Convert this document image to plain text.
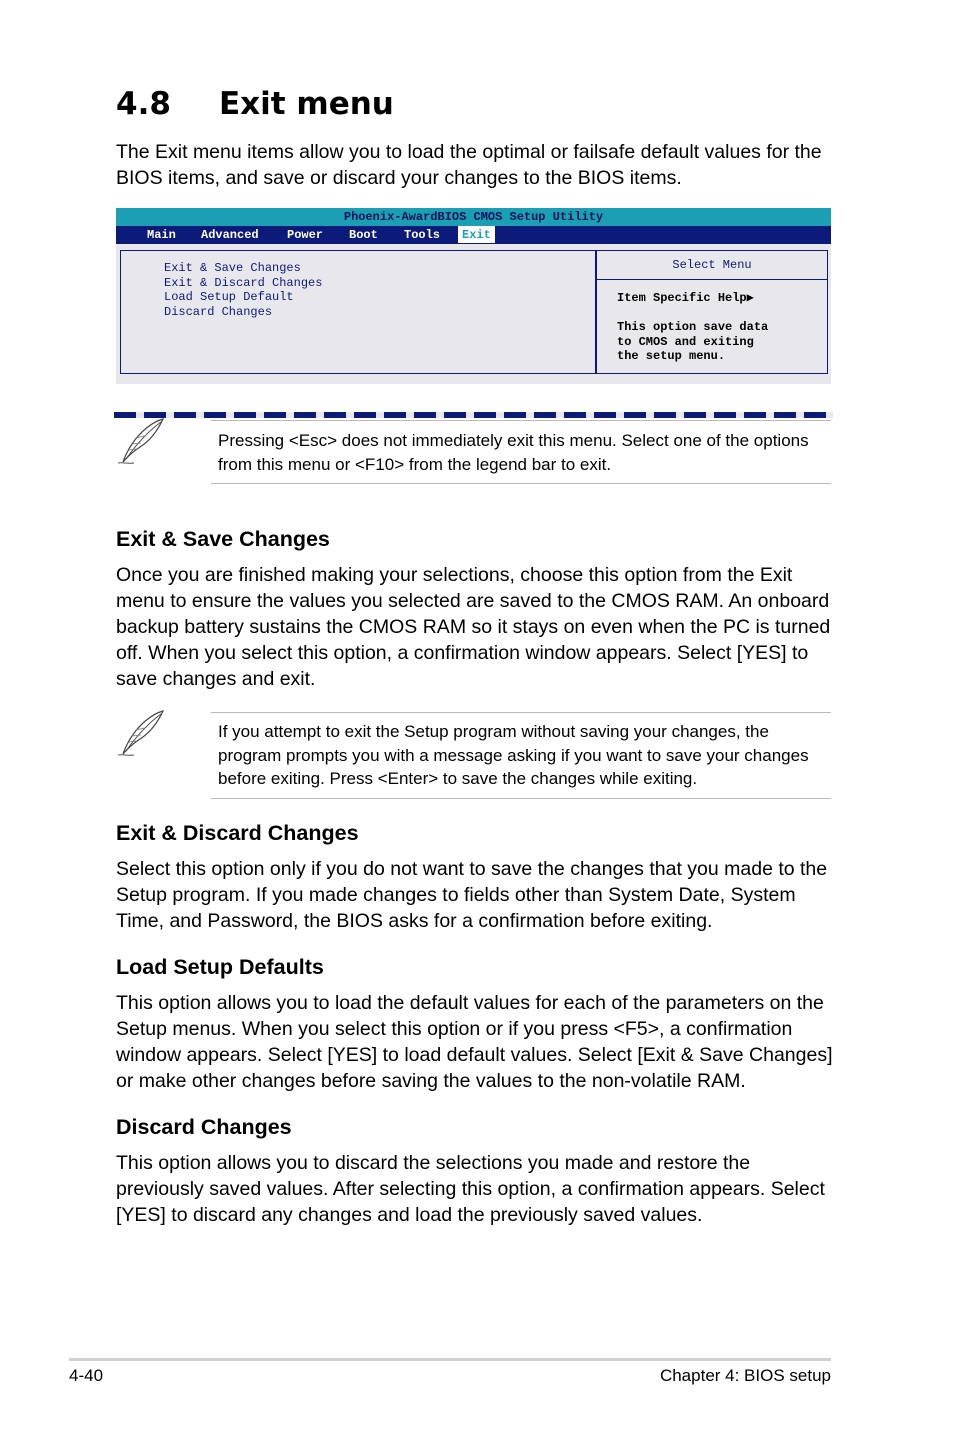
4.8 Exit menu

The Exit menu items allow you to load the optimal or failsafe default values for the BIOS items, and save or discard your changes to the BIOS items.

Phoenix-AwardBIOS CMOS Setup Utility
Main Advanced Power Boot Tools	Exit
Exit & Save Changes
Exit & Discard Changes
Load Setup Default
Discard Changes
Select Menu
Item Specific Help▶
This option save data
to CMOS and exiting
the setup menu.

Pressing <Esc> does not immediately exit this menu. Select one of the options from this menu or <F10> from the legend bar to exit.

Exit & Save Changes

Once you are finished making your selections, choose this option from the Exit menu to ensure the values you selected are saved to the CMOS RAM. An onboard backup battery sustains the CMOS RAM so it stays on even when the PC is turned off. When you select this option, a confirmation window appears. Select [YES] to save changes and exit.

If you attempt to exit the Setup program without saving your changes, the program prompts you with a message asking if you want to save your changes before exiting. Press <Enter> to save the changes while exiting.

Exit & Discard Changes

Select this option only if you do not want to save the changes that you made to the Setup program. If you made changes to fields other than System Date, System Time, and Password, the BIOS asks for a confirmation before exiting.

Load Setup Defaults

This option allows you to load the default values for each of the parameters on the Setup menus. When you select this option or if you press <F5>, a confirmation window appears. Select [YES] to load default values. Select [Exit & Save Changes] or make other changes before saving the values to the non-volatile RAM.

Discard Changes

This option allows you to discard the selections you made and restore the previously saved values. After selecting this option, a confirmation appears. Select [YES] to discard any changes and load the previously saved values.

4-40	Chapter 4: BIOS setup
